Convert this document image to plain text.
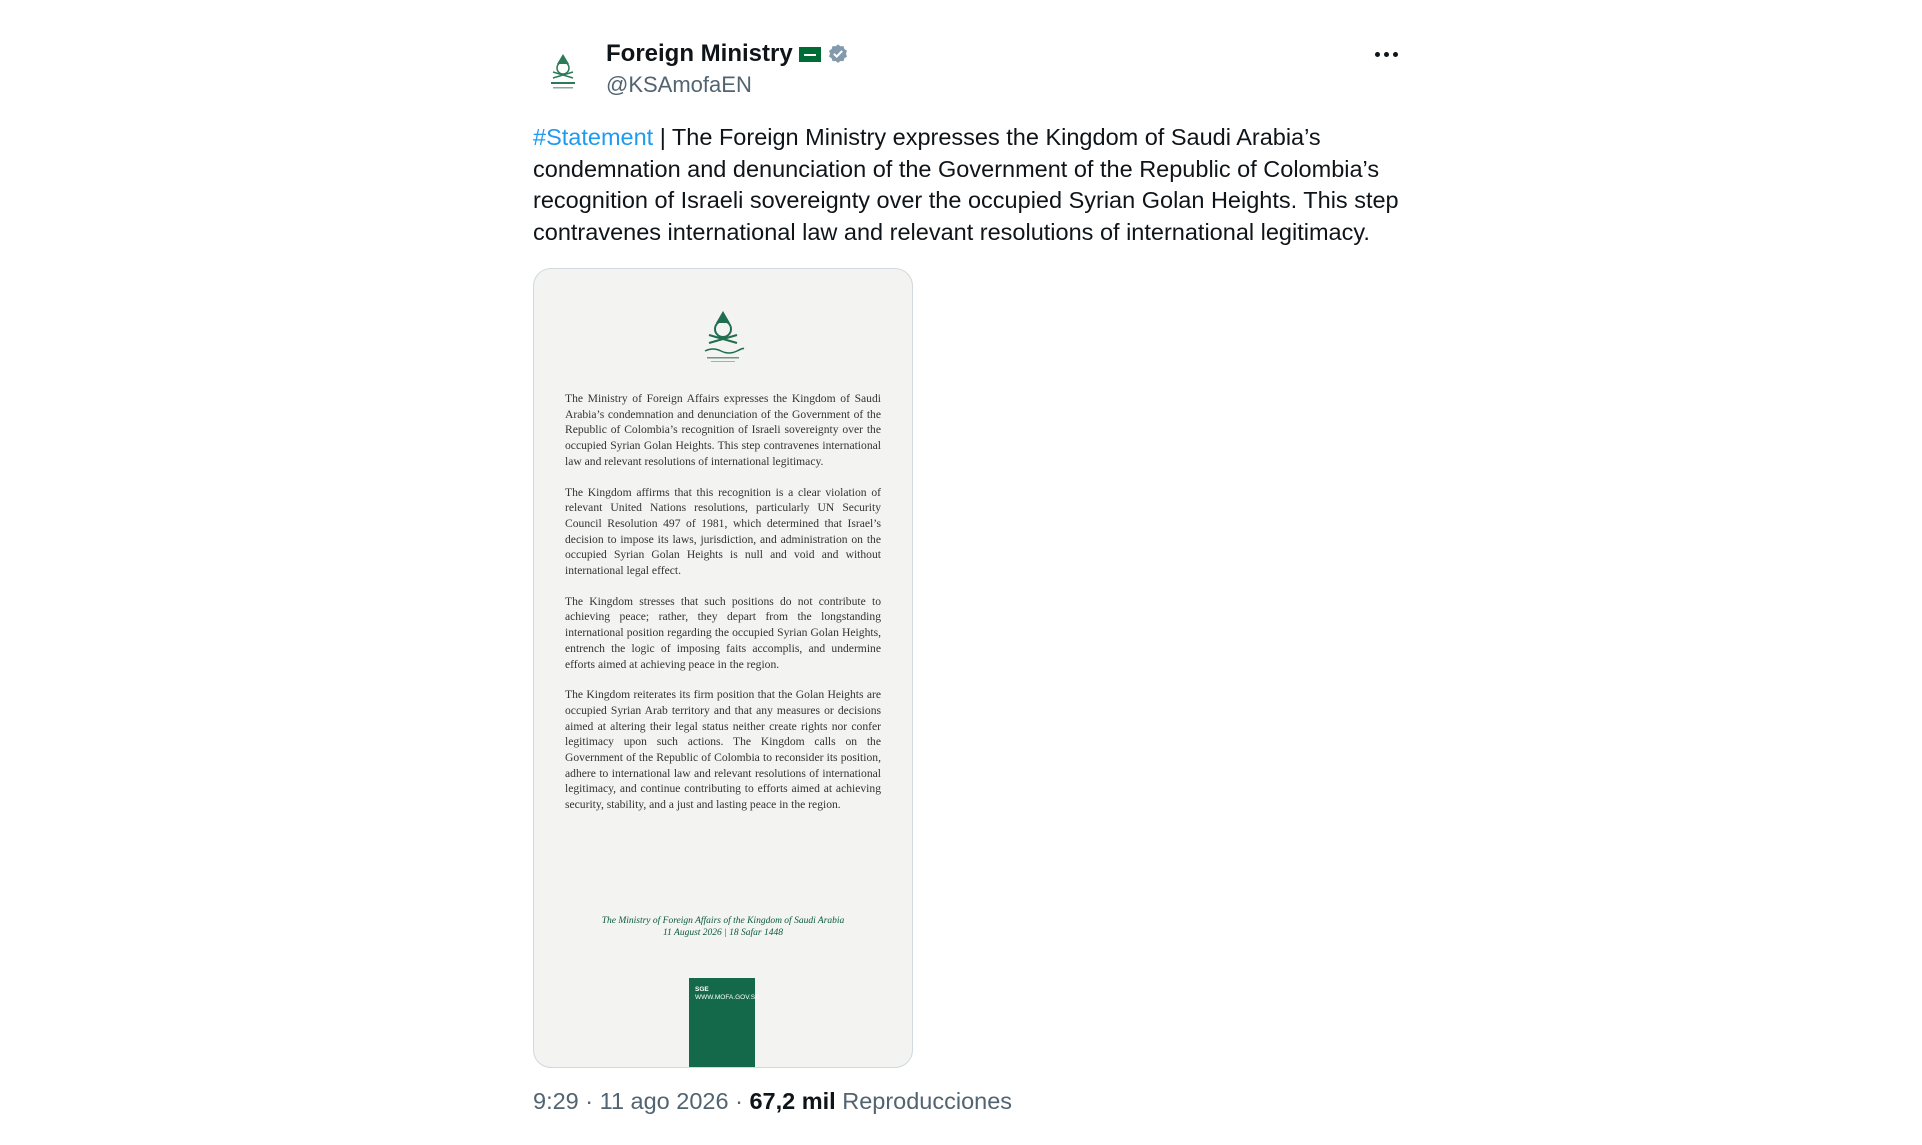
Foreign Ministry
@KSAmofaEN
#Statement | The Foreign Ministry expresses the Kingdom of Saudi Arabia’s condemnation and denunciation of the Government of the Republic of Colombia’s recognition of Israeli sovereignty over the occupied Syrian Golan Heights. This step contravenes international law and relevant resolutions of international legitimacy.

The Ministry of Foreign Affairs expresses the Kingdom of Saudi Arabia’s condemnation and denunciation of the Government of the Republic of Colombia’s recognition of Israeli sovereignty over the occupied Syrian Golan Heights. This step contravenes international law and relevant resolutions of international legitimacy.

The Kingdom affirms that this recognition is a clear violation of relevant United Nations resolutions, particularly UN Security Council Resolution 497 of 1981, which determined that Israel’s decision to impose its laws, jurisdiction, and administration on the occupied Syrian Golan Heights is null and void and without international legal effect.

The Kingdom stresses that such positions do not contribute to achieving peace; rather, they depart from the longstanding international position regarding the occupied Syrian Golan Heights, entrench the logic of imposing faits accomplis, and undermine efforts aimed at achieving peace in the region.

The Kingdom reiterates its firm position that the Golan Heights are occupied Syrian Arab territory and that any measures or decisions aimed at altering their legal status neither create rights nor confer legitimacy upon such actions. The Kingdom calls on the Government of the Republic of Colombia to reconsider its position, adhere to international law and relevant resolutions of international legitimacy, and continue contributing to efforts aimed at achieving security, stability, and a just and lasting peace in the region.

The Ministry of Foreign Affairs of the Kingdom of Saudi Arabia
11 August 2026 | 18 Safar 1448
SGE
WWW.MOFA.GOV.SA
9:29 · 11 ago 2026 · 67,2 mil Reproducciones
